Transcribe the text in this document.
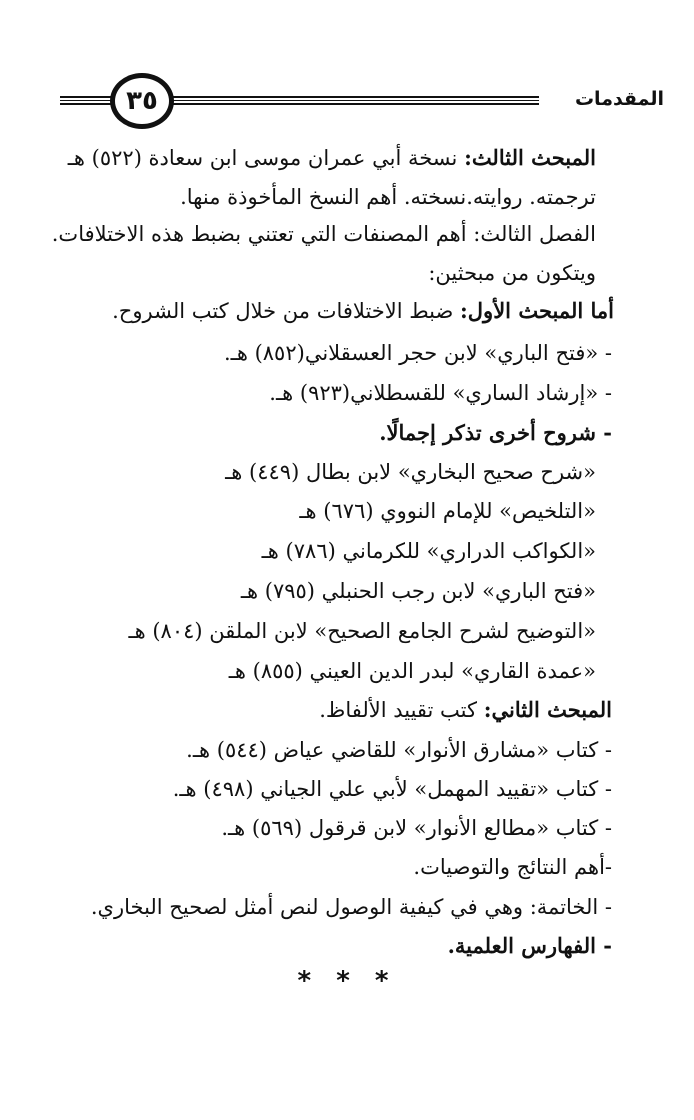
٣٥	المقدمات
المبحث الثالث: نسخة أبي عمران موسى ابن سعادة (٥٢٢) هـ
ترجمته. روايته.نسخته. أهم النسخ المأخوذة منها.
الفصل الثالث: أهم المصنفات التي تعتني بضبط هذه الاختلافات.
ويتكون من مبحثين:
أما المبحث الأول: ضبط الاختلافات من خلال كتب الشروح.
- «فتح الباري» لابن حجر العسقلاني(٨٥٢) هـ.
- «إرشاد الساري» للقسطلاني(٩٢٣) هـ.
- شروح أخرى تذكر إجمالًا.
«شرح صحيح البخاري» لابن بطال (٤٤٩) هـ
«التلخيص» للإمام النووي (٦٧٦) هـ
«الكواكب الدراري» للكرماني (٧٨٦) هـ
«فتح الباري» لابن رجب الحنبلي (٧٩٥) هـ
«التوضيح لشرح الجامع الصحيح» لابن الملقن (٨٠٤) هـ
«عمدة القاري» لبدر الدين العيني (٨٥٥) هـ
المبحث الثاني: كتب تقييد الألفاظ.
- كتاب «مشارق الأنوار» للقاضي عياض (٥٤٤) هـ.
- كتاب «تقييد المهمل» لأبي علي الجياني (٤٩٨) هـ.
- كتاب «مطالع الأنوار» لابن قرقول (٥٦٩) هـ.
-أهم النتائج والتوصيات.
- الخاتمة: وهي في كيفية الوصول لنص أمثل لصحيح البخاري.
- الفهارس العلمية.
* * *
